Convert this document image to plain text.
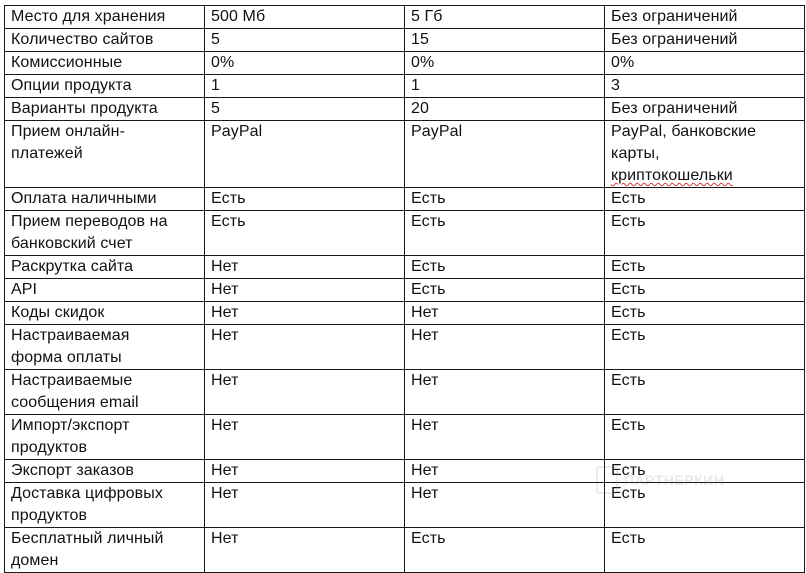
Место для хранения	500 Мб	5 Гб	Без ограничений
Количество сайтов	5	15	Без ограничений
Комиссионные	0%	0%	0%
Опции продукта	1	1	3
Варианты продукта	5	20	Без ограничений
Прием онлайн-платежей	PayPal	PayPal	PayPal, банковские
карты,
криптокошельки

Оплата наличными	Есть	Есть	Есть
Прием переводов на банковский счет	Есть	Есть	Есть
Раскрутка сайта	Нет	Есть	Есть
API	Нет	Есть	Есть
Коды скидок	Нет	Нет	Есть
Настраиваемая форма оплаты	Нет	Нет	Есть
Настраиваемые сообщения email	Нет	Нет	Есть
Импорт/экспорт продуктов	Нет	Нет	Есть
Экспорт заказов	Нет	Нет	Есть
Доставка цифровых продуктов	Нет	Нет	Есть
Бесплатный личный домен	Нет	Есть	Есть
ПАРТНЕРКИН
